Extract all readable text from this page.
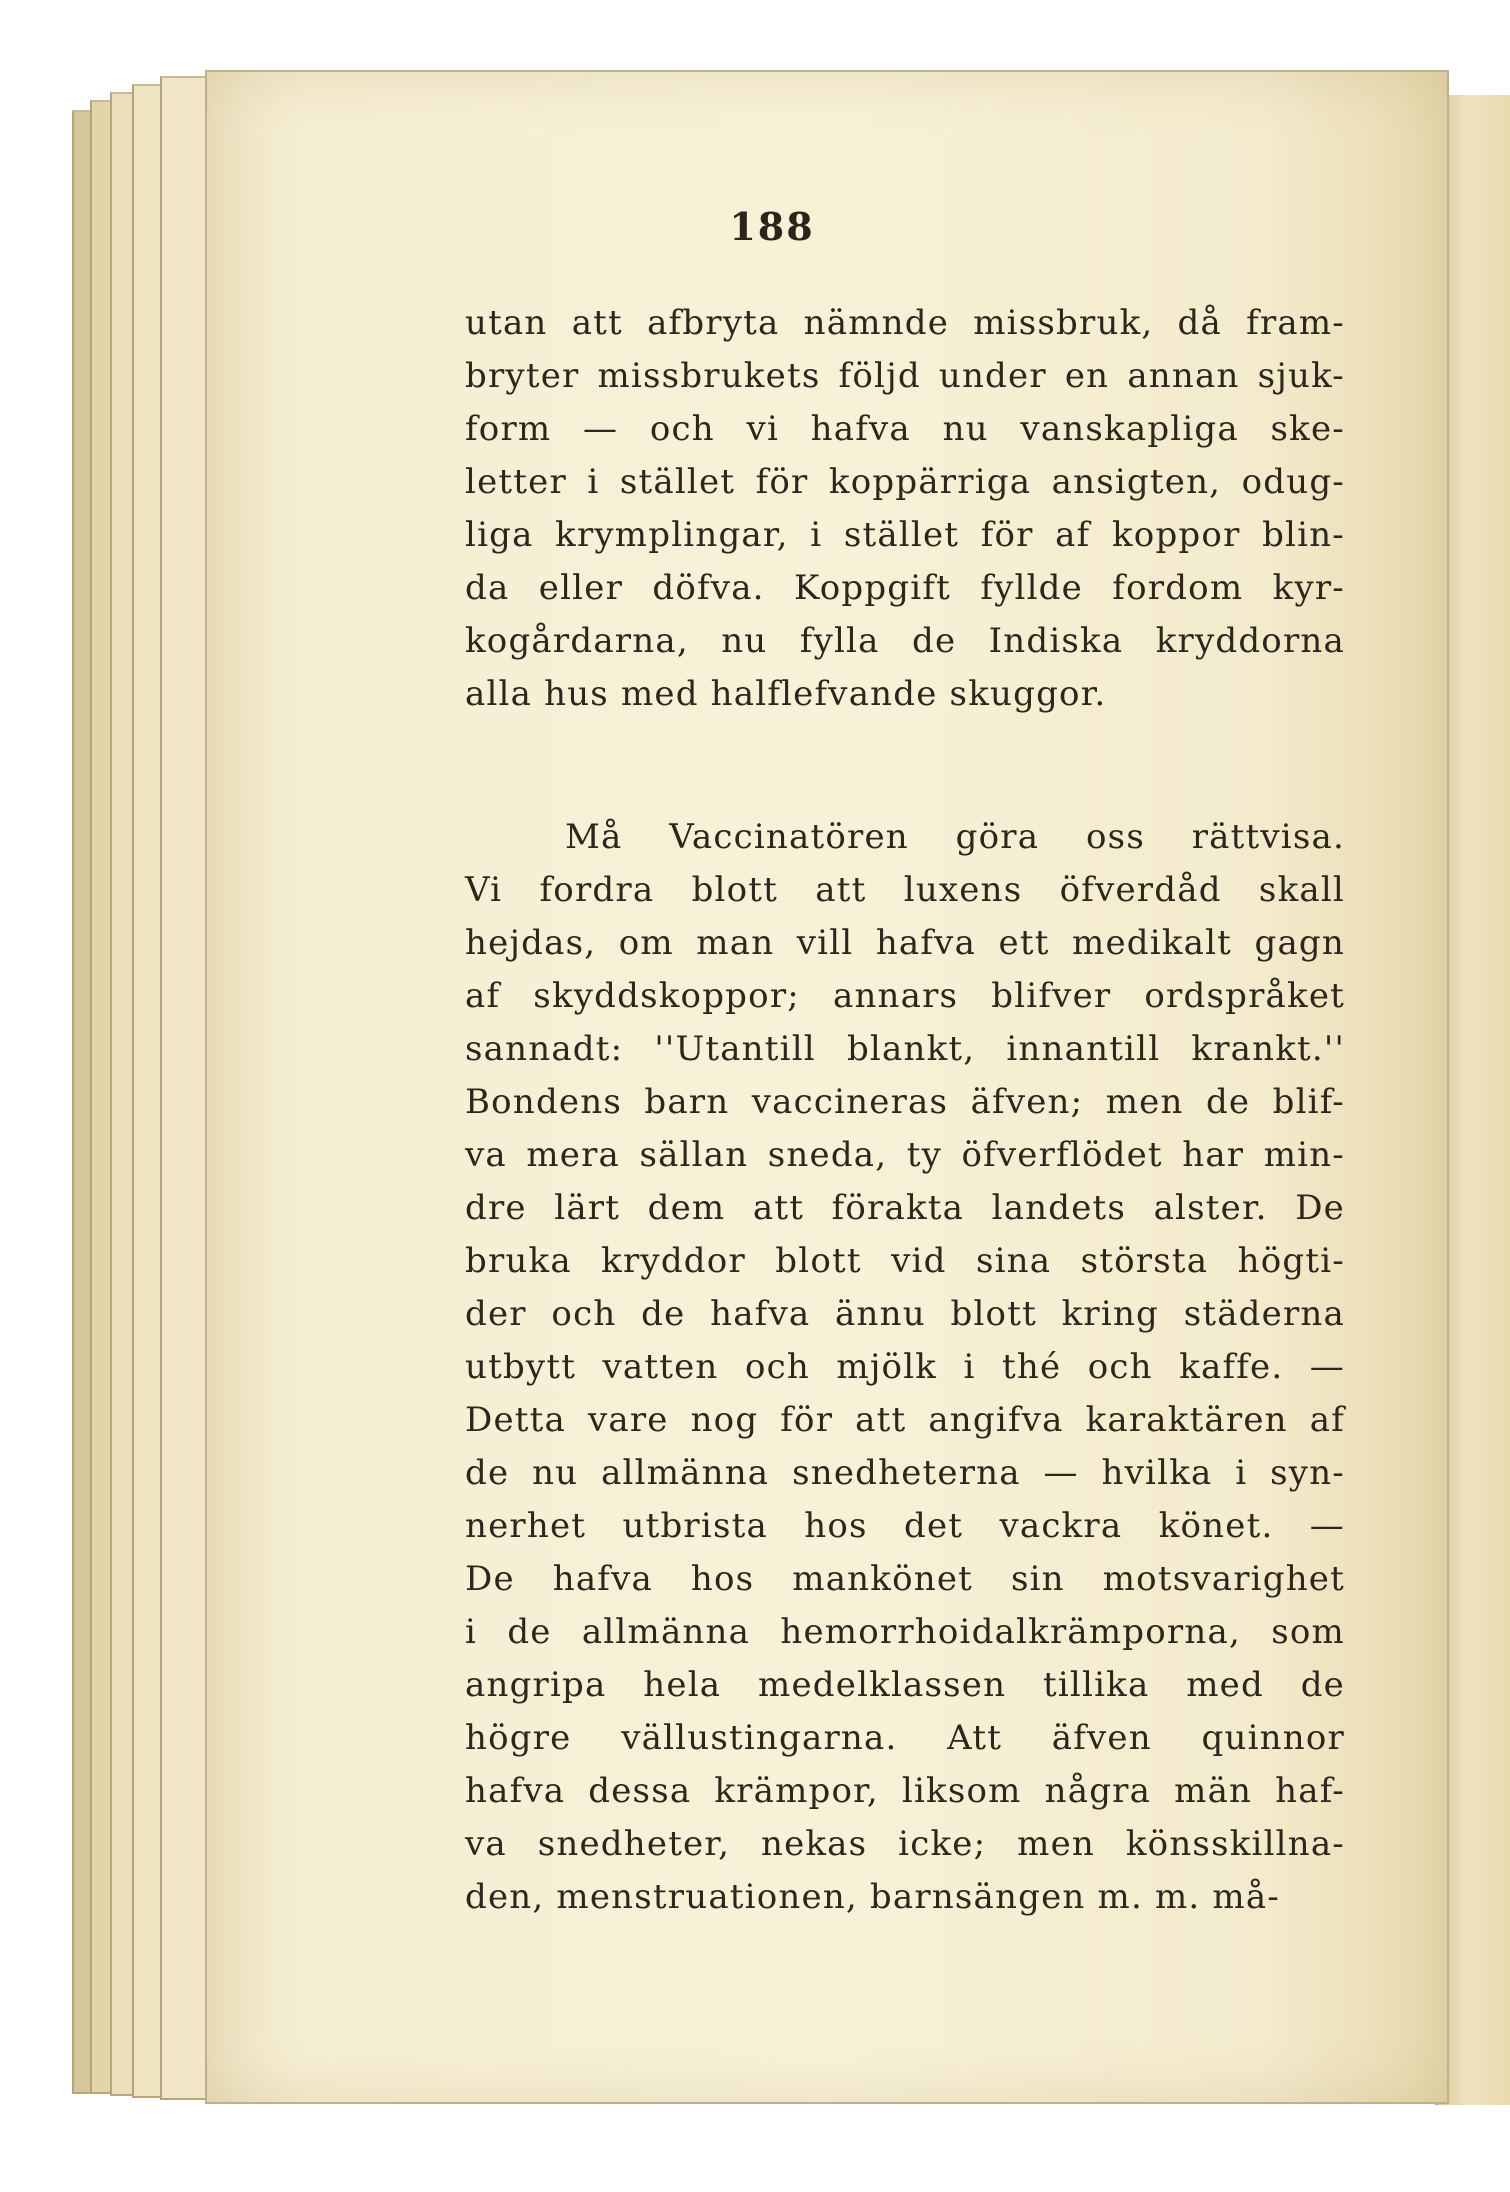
188
utan att afbryta nämnde missbruk, då fram-
bryter missbrukets följd under en annan sjuk-
form — och vi hafva nu vanskapliga ske-
letter i stället för koppärriga ansigten, odug-
liga krymplingar, i stället för af koppor blin-
da eller döfva. Koppgift fyllde fordom kyr-
kogårdarna, nu fylla de Indiska kryddorna
alla hus med halflefvande skuggor.
Må Vaccinatören göra oss rättvisa.
Vi fordra blott att luxens öfverdåd skall
hejdas, om man vill hafva ett medikalt gagn
af skyddskoppor; annars blifver ordspråket
sannadt: ''Utantill blankt, innantill krankt.''
Bondens barn vaccineras äfven; men de blif-
va mera sällan sneda, ty öfverflödet har min-
dre lärt dem att förakta landets alster. De
bruka kryddor blott vid sina största högti-
der och de hafva ännu blott kring städerna
utbytt vatten och mjölk i thé och kaffe. —
Detta vare nog för att angifva karaktären af
de nu allmänna snedheterna — hvilka i syn-
nerhet utbrista hos det vackra könet. —
De hafva hos mankönet sin motsvarighet
i de allmänna hemorrhoidalkrämporna, som
angripa hela medelklassen tillika med de
högre vällustingarna. Att äfven quinnor
hafva dessa krämpor, liksom några män haf-
va snedheter, nekas icke; men könsskillna-
den, menstruationen, barnsängen m. m. må-
